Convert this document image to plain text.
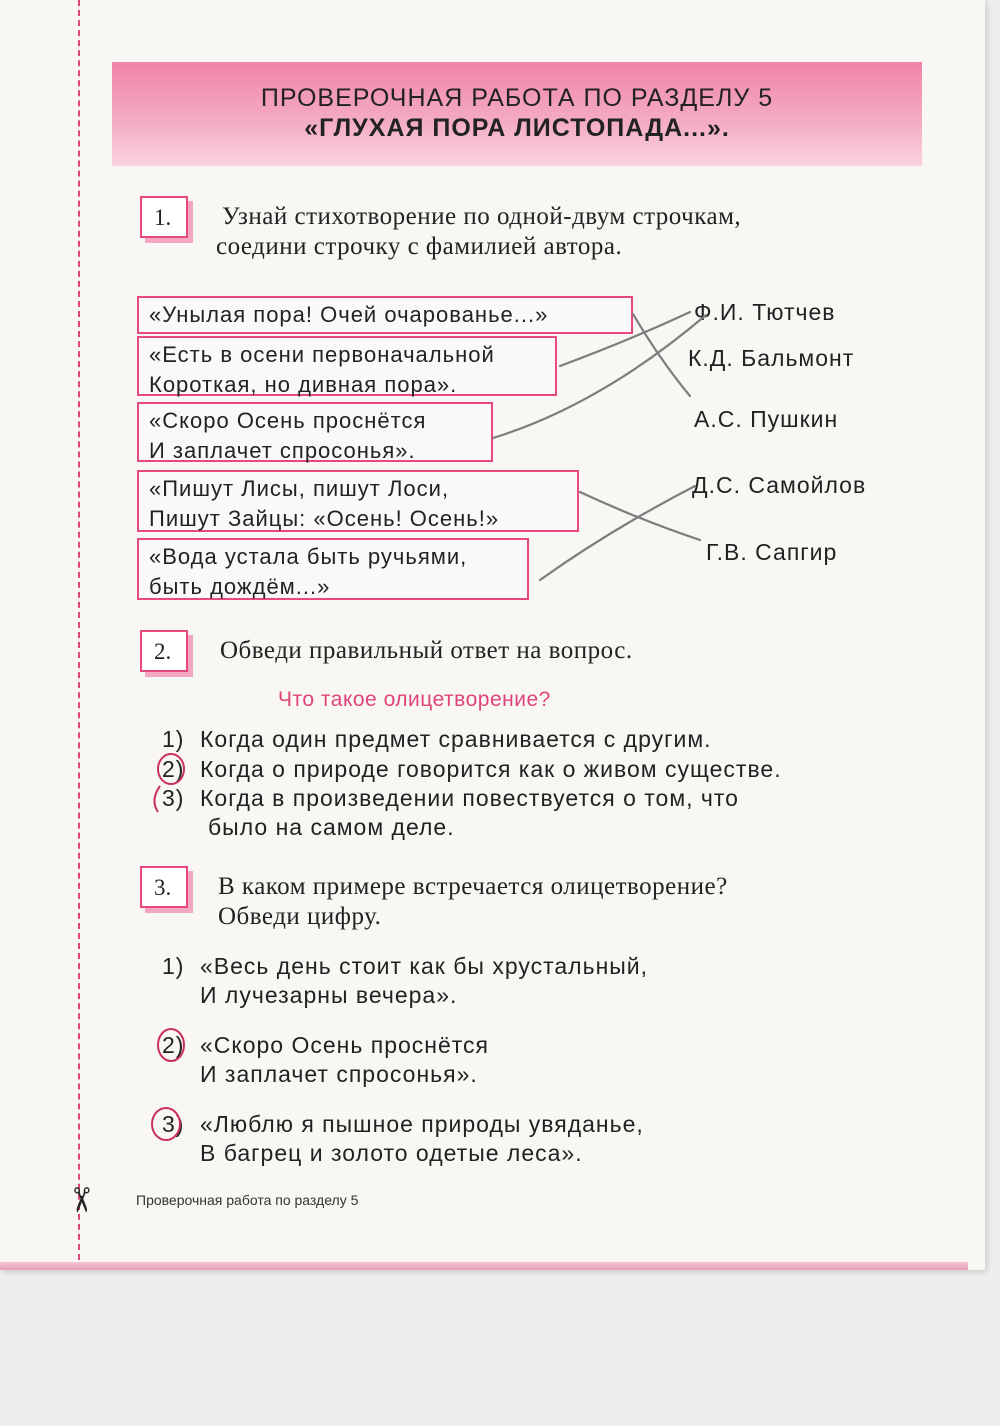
✂
ПРОВЕРОЧНАЯ РАБОТА ПО РАЗДЕЛУ 5
«ГЛУХАЯ ПОРА ЛИСТОПАДА...».
1.	Узнай стихотворение по одной-двум строчкам,
соедини строчку с фамилией автора.
«Унылая пора! Очей очарованье...»
«Есть в осени первоначальной
Короткая, но дивная пора».
«Скоро Осень проснётся
И заплачет спросонья».
«Пишут Лисы, пишут Лоси,
Пишут Зайцы: «Осень! Осень!»
«Вода устала быть ручьями,
быть дождём...»
Ф.И. Тютчев
К.Д. Бальмонт
А.С. Пушкин
Д.С. Самойлов
Г.В. Сапгир
2.	Обведи правильный ответ на вопрос.
Что такое олицетворение?
1) Когда один предмет сравнивается с другим.
2) Когда о природе говорится как о живом существе.
3) Когда в произведении повествуется о том, что
было на самом деле.
3.	В каком примере встречается олицетворение?
Обведи цифру.
1) «Весь день стоит как бы хрустальный,
И лучезарны вечера».
2) «Скоро Осень проснётся
И заплачет спросонья».
3) «Люблю я пышное природы увяданье,
В багрец и золото одетые леса».
Проверочная работа по разделу 5
